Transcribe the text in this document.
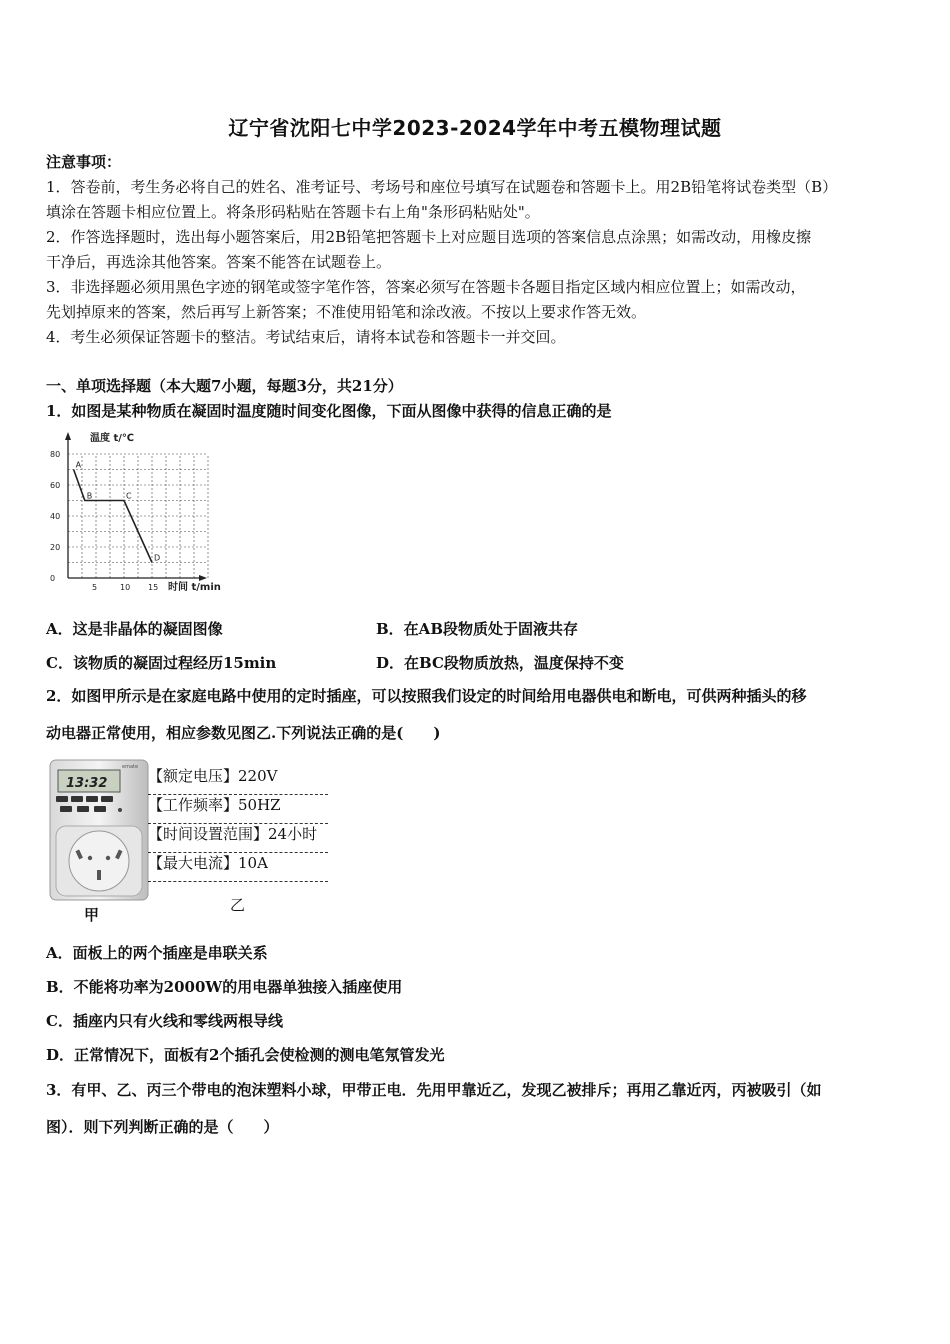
辽宁省沈阳七中学2023-2024学年中考五模物理试题
注意事项：
1．答卷前，考生务必将自己的姓名、准考证号、考场号和座位号填写在试题卷和答题卡上。用2B铅笔将试卷类型（B）
填涂在答题卡相应位置上。将条形码粘贴在答题卡右上角"条形码粘贴处"。
2．作答选择题时，选出每小题答案后，用2B铅笔把答题卡上对应题目选项的答案信息点涂黑；如需改动，用橡皮擦
干净后，再选涂其他答案。答案不能答在试题卷上。
3．非选择题必须用黑色字迹的钢笔或签字笔作答，答案必须写在答题卡各题目指定区域内相应位置上；如需改动，
先划掉原来的答案，然后再写上新答案；不准使用铅笔和涂改液。不按以上要求作答无效。
4．考生必须保证答题卡的整洁。考试结束后，请将本试卷和答题卡一并交回。
一、单项选择题（本大题7小题，每题3分，共21分）
1．如图是某种物质在凝固时温度随时间变化图像，下面从图像中获得的信息正确的是
温度 t/℃
时间 t/min
0
20
40
60
80
5	10 15
A
B	C
D
A．这是非晶体的凝固图像	B．在AB段物质处于固液共存
C．该物质的凝固过程经历15min	D．在BC段物质放热，温度保持不变
2．如图甲所示是在家庭电路中使用的定时插座，可以按照我们设定的时间给用电器供电和断电，可供两种插头的移
动电器正常使用，相应参数见图乙.下列说法正确的是(　　)
emate
13:32
甲
【额定电压】220V
【工作频率】50HZ
【时间设置范围】24小时
【最大电流】10A
乙
A．面板上的两个插座是串联关系
B．不能将功率为2000W的用电器单独接入插座使用
C．插座内只有火线和零线两根导线
D．正常情况下，面板有2个插孔会使检测的测电笔氖管发光
3．有甲、乙、丙三个带电的泡沫塑料小球，甲带正电．先用甲靠近乙，发现乙被排斥；再用乙靠近丙，丙被吸引（如
图）．则下列判断正确的是（　　）
